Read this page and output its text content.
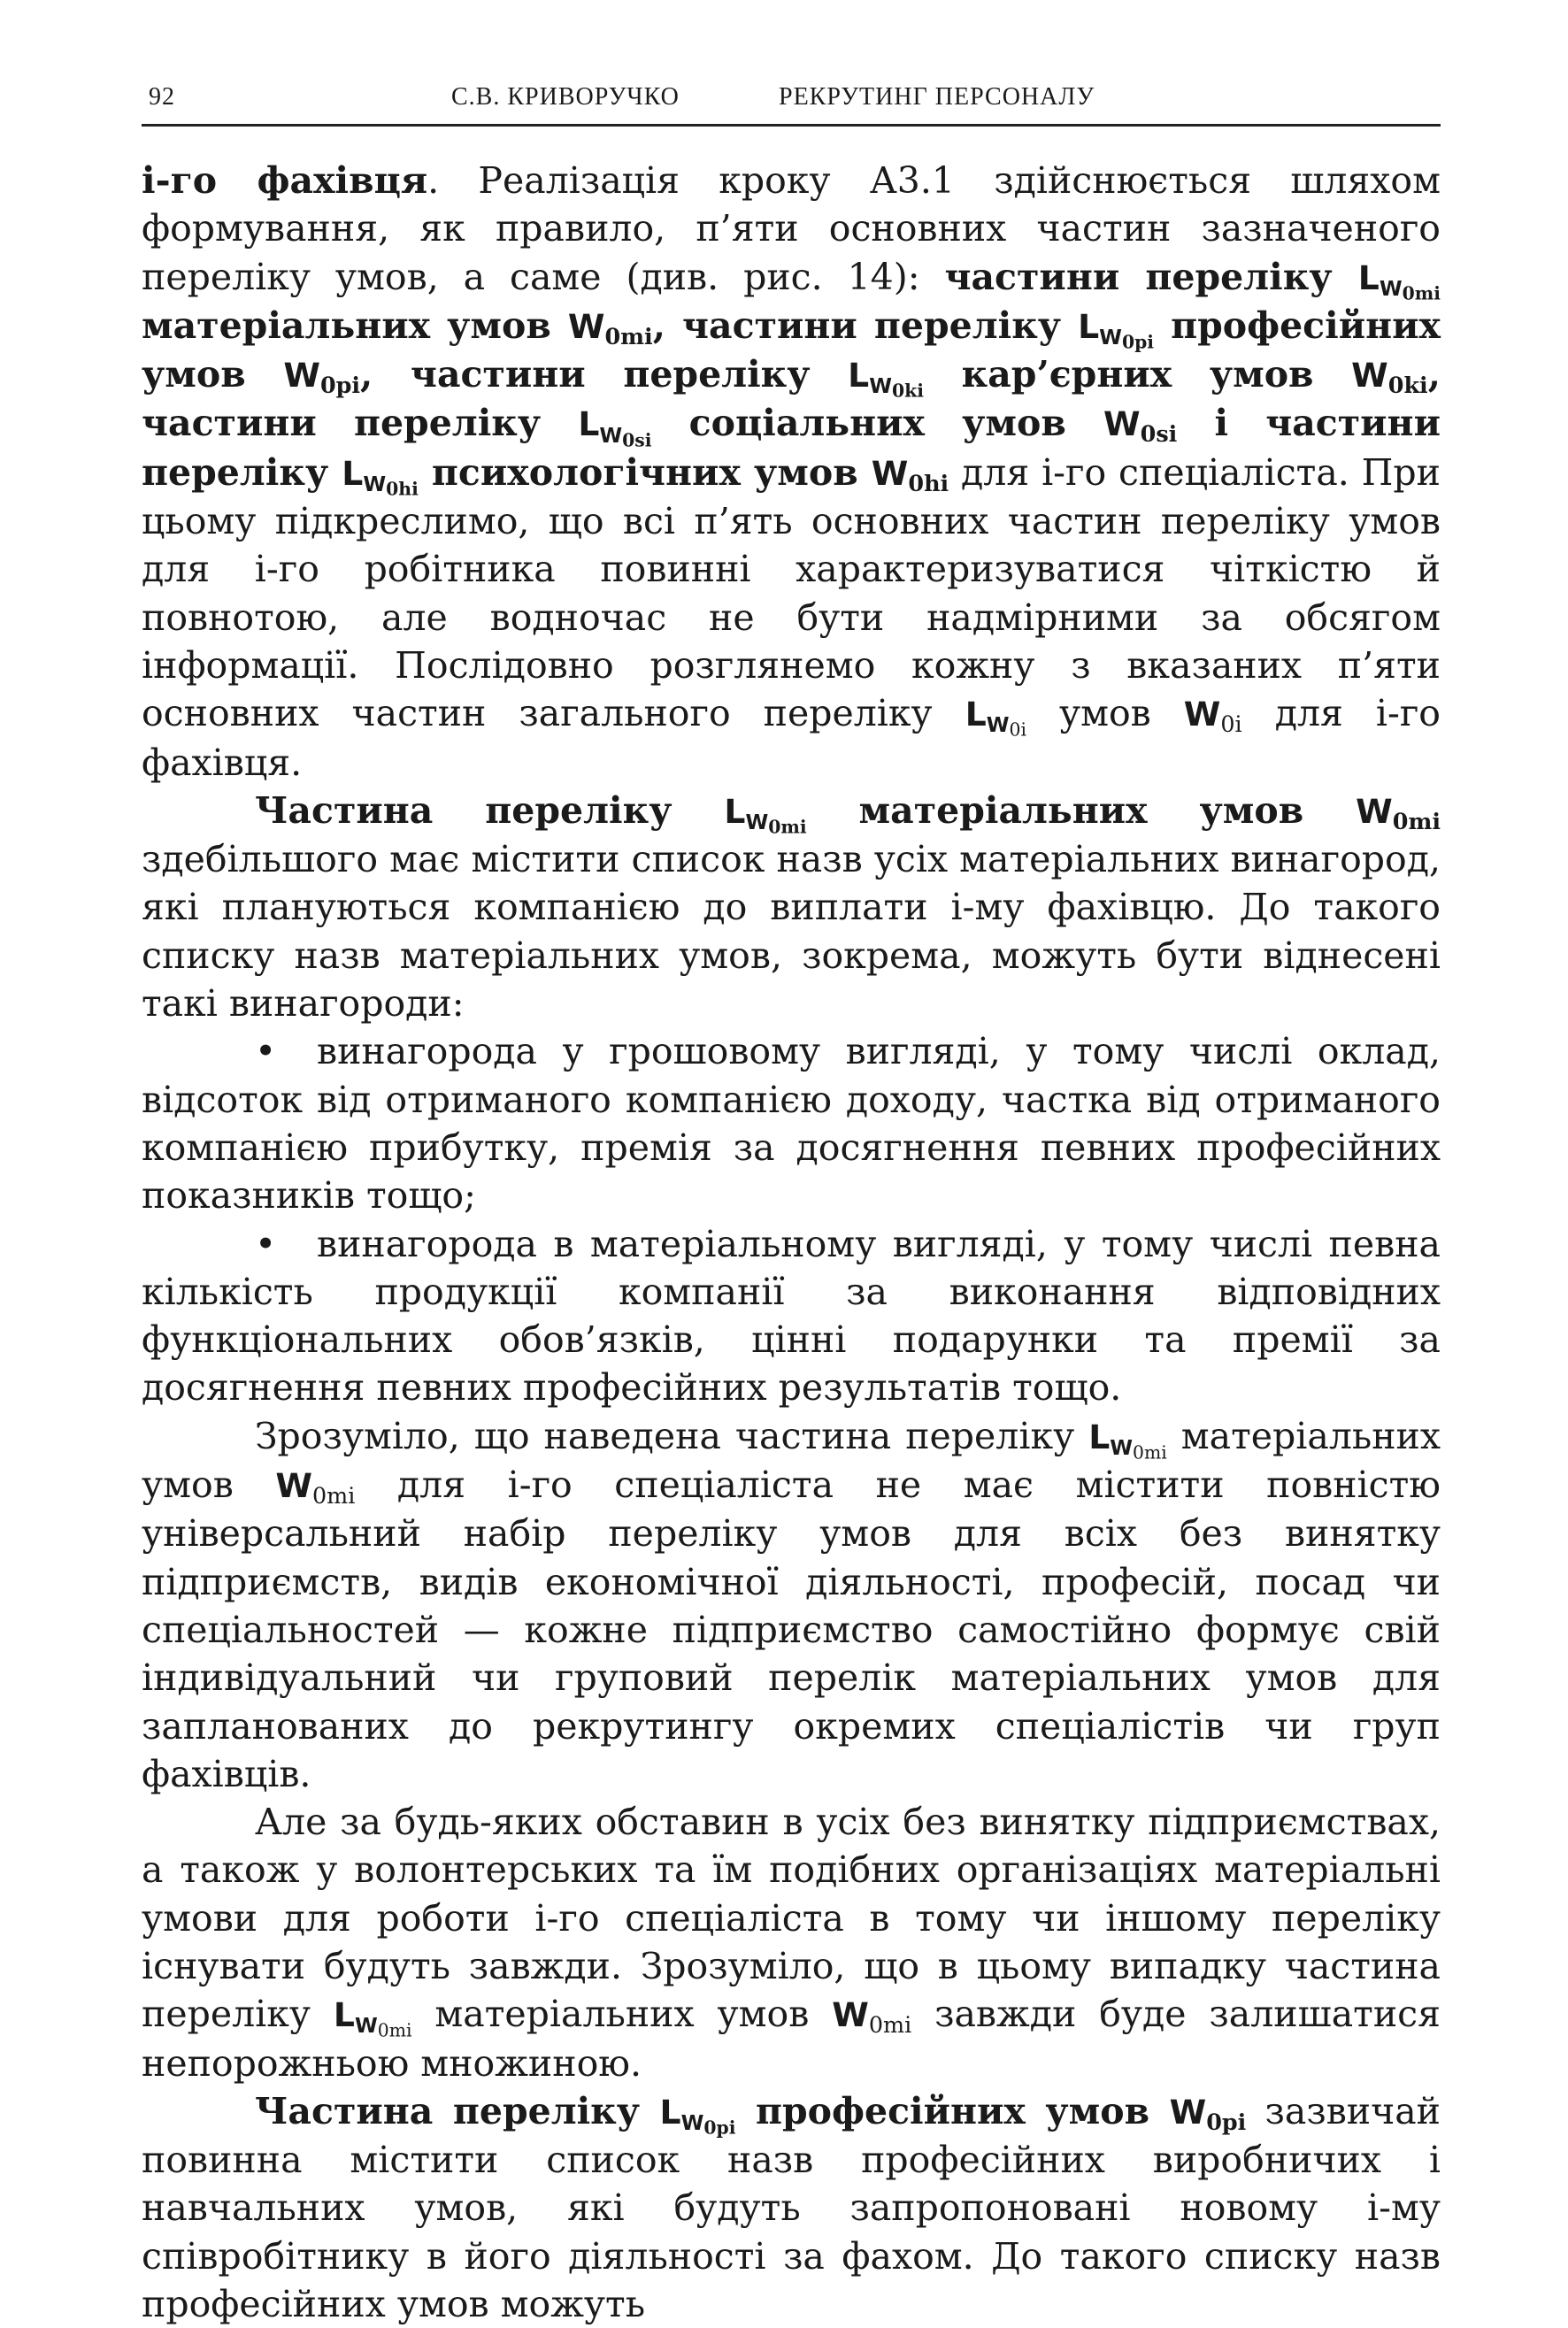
92	С.В. КРИВОРУЧКО	РЕКРУТИНГ ПЕРСОНАЛУ

і-го фахівця. Реалізація кроку А3.1 здійснюється шляхом формування, як правило, п’яти основних частин зазначеного переліку умов, а саме (див. рис. 14): частини переліку $L_{W_{0mi}}$ матеріальних умов $W_{0mi}$, частини переліку $L_{W_{0pi}}$ професійних умов $W_{0pi}$, частини переліку $L_{W_{0ki}}$ кар’єрних умов $W_{0ki}$, частини переліку $L_{W_{0si}}$ соціальних умов $W_{0si}$ і частини переліку $L_{W_{0hi}}$ психологічних умов $W_{0hi}$ для і-го спеціаліста. При цьому підкреслимо, що всі п’ять основних частин переліку умов для і-го робітника повинні характеризуватися чіткістю й повнотою, але водночас не бути надмірними за обсягом інформації. Послідовно розглянемо кожну з вказаних п’яти основних частин загального переліку $L_{W_{0i}}$ умов $W_{0i}$ для і-го фахівця.

Частина переліку $L_{W_{0mi}}$ матеріальних умов $W_{0mi}$ здебільшого має містити список назв усіх матеріальних винагород, які плануються компанією до виплати і-му фахівцю. До такого списку назв матеріальних умов, зокрема, можуть бути віднесені такі винагороди:

• винагорода у грошовому вигляді, у тому числі оклад, відсоток від отриманого компанією доходу, частка від отриманого компанією прибутку, премія за досягнення певних професійних показників тощо;
• винагорода в матеріальному вигляді, у тому числі певна кількість продукції компанії за виконання відповідних функціональних обов’язків, цінні подарунки та премії за досягнення певних професійних результатів тощо.

Зрозуміло, що наведена частина переліку $L_{W_{0mi}}$ матеріальних умов $W_{0mi}$ для і-го спеціаліста не має містити повністю універсальний набір переліку умов для всіх без винятку підприємств, видів економічної діяльності, професій, посад чи спеціальностей — кожне підприємство самостійно формує свій індивідуальний чи груповий перелік матеріальних умов для запланованих до рекрутингу окремих спеціалістів чи груп фахівців.

Але за будь-яких обставин в усіх без винятку підприємствах, а також у волонтерських та їм подібних організаціях матеріальні умови для роботи і-го спеціаліста в тому чи іншому переліку існувати будуть завжди. Зрозуміло, що в цьому випадку частина переліку $L_{W_{0mi}}$ матеріальних умов $W_{0mi}$ завжди буде залишатися непорожньою множиною.

Частина переліку $L_{W_{0pi}}$ професійних умов $W_{0pi}$ зазвичай повинна містити список назв професійних виробничих і навчальних умов, які будуть запропоновані новому і-му співробітнику в його діяльності за фахом. До такого списку назв професійних умов можуть
